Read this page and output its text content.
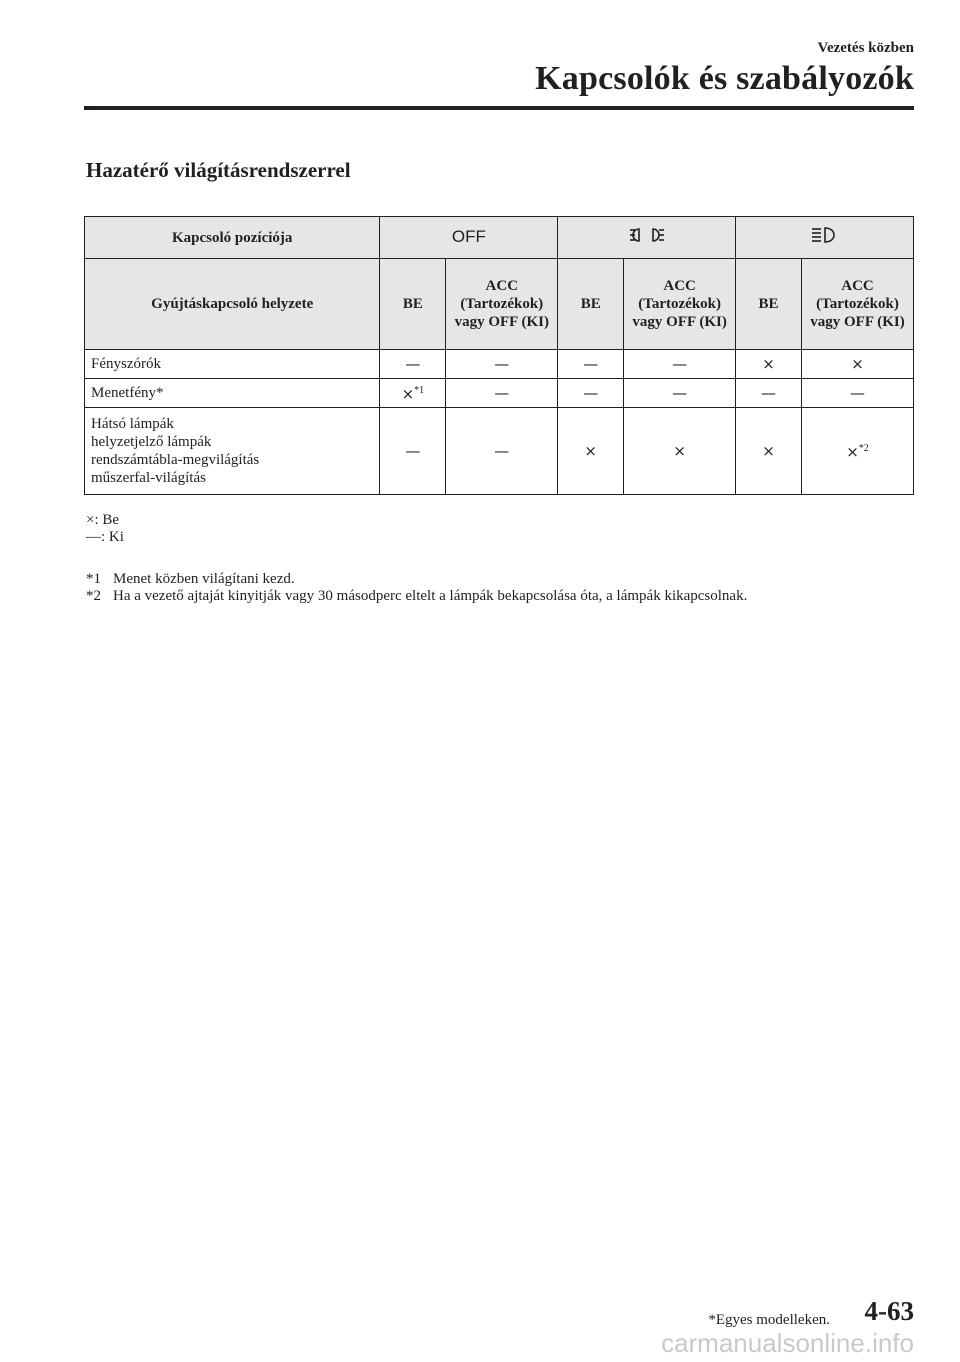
Vezetés közben
Kapcsolók és szabályozók
Hazatérő világításrendszerrel
Kapcsoló pozíciója	OFF		
Gyújtáskapcsoló helyzete	BE	ACC (Tartozékok) vagy OFF (KI)	BE	ACC (Tartozékok) vagy OFF (KI)	BE	ACC (Tartozékok) vagy OFF (KI)
Fényszórók	—	—	—	—	×	×
Menetfény*	×$^{*1}$	—	—	—	—	—

Hátsó lámpák
helyzetjelző lámpák
rendszámtábla-megvilágítás
műszerfal-világítás	—	—	×	×	×	×$^{*2}$
×: Be
—: Ki
*1 Menet közben világítani kezd.
*2 Ha a vezető ajtaját kinyitják vagy 30 másodperc eltelt a lámpák bekapcsolása óta, a lámpák kikapcsolnak.
*Egyes modelleken. 4-63
carmanualsonline.info
